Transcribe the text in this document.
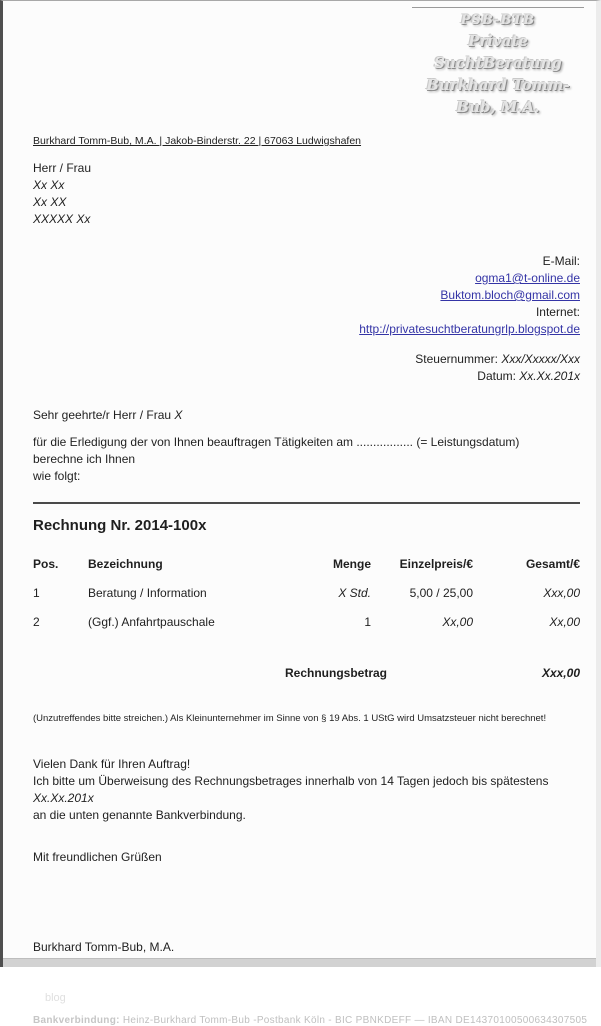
PSB-BTB
Private SuchtBeratung
Burkhard Tomm-Bub, M.A.
Burkhard Tomm-Bub, M.A. | Jakob-Binderstr. 22 | 67063 Ludwigshafen
Herr / Frau
Xx Xx
Xx XX
XXXXX Xx
E-Mail:
ogma1@t-online.de
Buktom.bloch@gmail.com
Internet:
http://privatesuchtberatungrlp.blogspot.de
Steuernummer: Xxx/Xxxxx/Xxx
Datum: Xx.Xx.201x
Sehr geehrte/r Herr / Frau X
für die Erledigung der von Ihnen beauftragen Tätigkeiten am ................. (= Leistungsdatum) berechne ich Ihnen
wie folgt:
Rechnung Nr. 2014-100x
Pos.	Bezeichnung	Menge	Einzelpreis/€	Gesamt/€
1	Beratung / Information	X Std.	5,00 / 25,00	Xxx,00
2	(Ggf.) Anfahrtpauschale	1	Xx,00	Xx,00
Rechnungsbetrag	Xxx,00
(Unzutreffendes bitte streichen.) Als Kleinunternehmer im Sinne von § 19 Abs. 1 UStG wird Umsatzsteuer nicht berechnet!
Vielen Dank für Ihren Auftrag!
Ich bitte um Überweisung des Rechnungsbetrages innerhalb von 14 Tagen jedoch bis spätestens Xx.Xx.201x
an die unten genannte Bankverbindung.
Mit freundlichen Grüßen
Burkhard Tomm-Bub, M.A.
blog
Bankverbindung: Heinz-Burkhard Tomm-Bub -Postbank Köln - BIC PBNKDEFF — IBAN DE14370100500634307505
